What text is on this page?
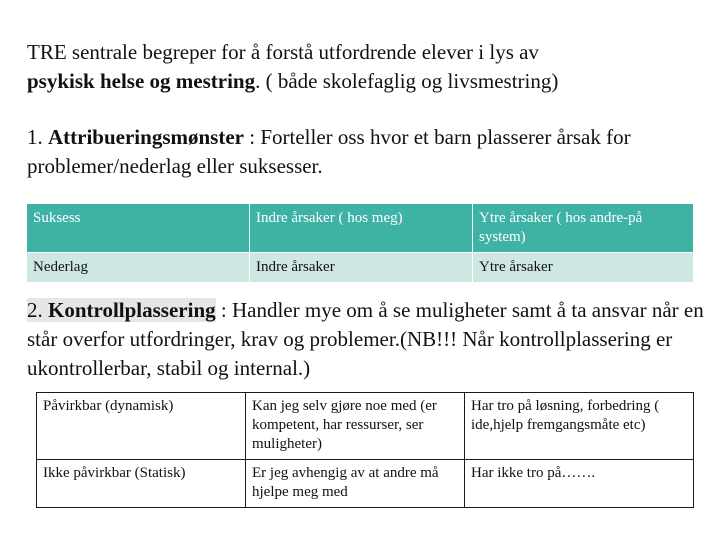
TRE sentrale begreper for å forstå utfordrende elever i lys av
psykisk helse og mestring. ( både skolefaglig og livsmestring)
1. Attribueringsmønster : Forteller oss hvor et barn plasserer årsak for problemer/nederlag eller suksesser.
Suksess	Indre årsaker ( hos meg)	Ytre årsaker ( hos andre-på system)
Nederlag	Indre årsaker	Ytre årsaker
2. Kontrollplassering : Handler mye om å se muligheter samt å ta ansvar når en står overfor utfordringer, krav og problemer.(NB!!! Når kontrollplassering er ukontrollerbar, stabil og internal.)
Påvirkbar (dynamisk)	Kan jeg selv gjøre noe med (er kompetent, har ressurser, ser muligheter)	Har tro på løsning, forbedring ( ide,hjelp fremgangsmåte etc)
Ikke påvirkbar (Statisk)	Er jeg avhengig av at andre må hjelpe meg med	Har ikke tro på…….
